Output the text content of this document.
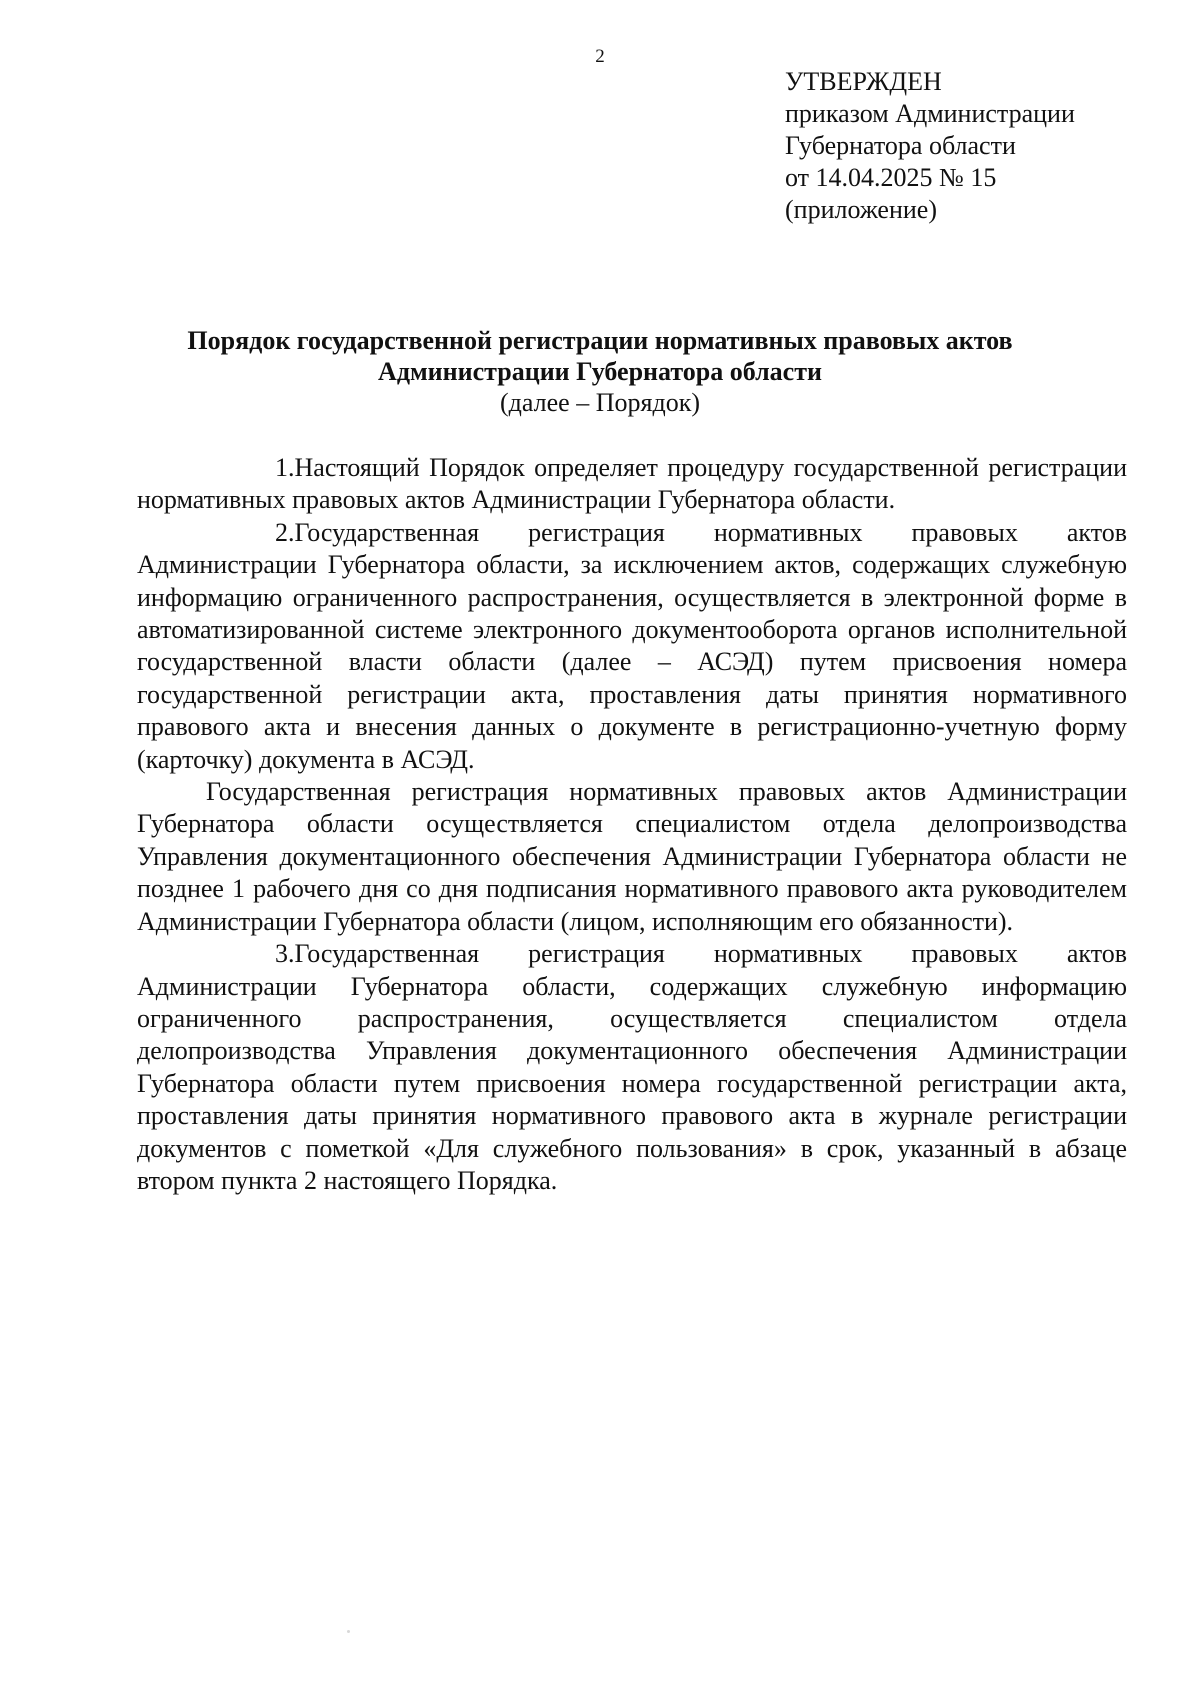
2
УТВЕРЖДЕН
приказом Администрации
Губернатора области
от 14.04.2025 № 15
(приложение)
Порядок государственной регистрации нормативных правовых актов
Администрации Губернатора области
(далее – Порядок)

1.Настоящий Порядок определяет процедуру государственной регистрации нормативных правовых актов Администрации Губернатора области.

2.Государственная регистрация нормативных правовых актов Администрации Губернатора области, за исключением актов, содержащих служебную информацию ограниченного распространения, осуществляется в электронной форме в автоматизированной системе электронного документооборота органов исполнительной государственной власти области (далее – АСЭД) путем присвоения номера государственной регистрации акта, проставления даты принятия нормативного правового акта и внесения данных о документе в регистрационно-учетную форму (карточку) документа в АСЭД.

Государственная регистрация нормативных правовых актов Администрации Губернатора области осуществляется специалистом отдела делопроизводства Управления документационного обеспечения Администрации Губернатора области не позднее 1 рабочего дня со дня подписания нормативного правового акта руководителем Администрации Губернатора области (лицом, исполняющим его обязанности).

3.Государственная регистрация нормативных правовых актов Администрации Губернатора области, содержащих служебную информацию ограниченного распространения, осуществляется специалистом отдела делопроизводства Управления документационного обеспечения Администрации Губернатора области путем присвоения номера государственной регистрации акта, проставления даты принятия нормативного правового акта в журнале регистрации документов с пометкой «Для служебного пользования» в срок, указанный в абзаце втором пункта 2 настоящего Порядка.
